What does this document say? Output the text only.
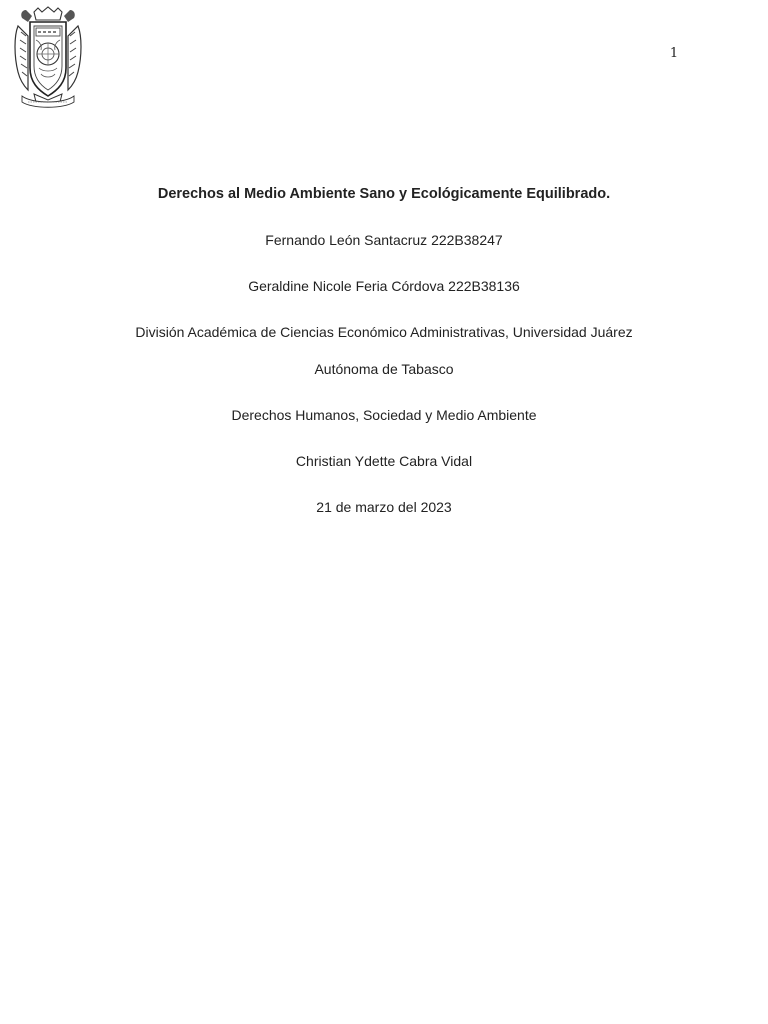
1

Derechos al Medio Ambiente Sano y Ecológicamente Equilibrado.

Fernando León Santacruz 222B38247

Geraldine Nicole Feria Córdova 222B38136

División Académica de Ciencias Económico Administrativas, Universidad Juárez

Autónoma de Tabasco

Derechos Humanos, Sociedad y Medio Ambiente

Christian Ydette Cabra Vidal

21 de marzo del 2023
